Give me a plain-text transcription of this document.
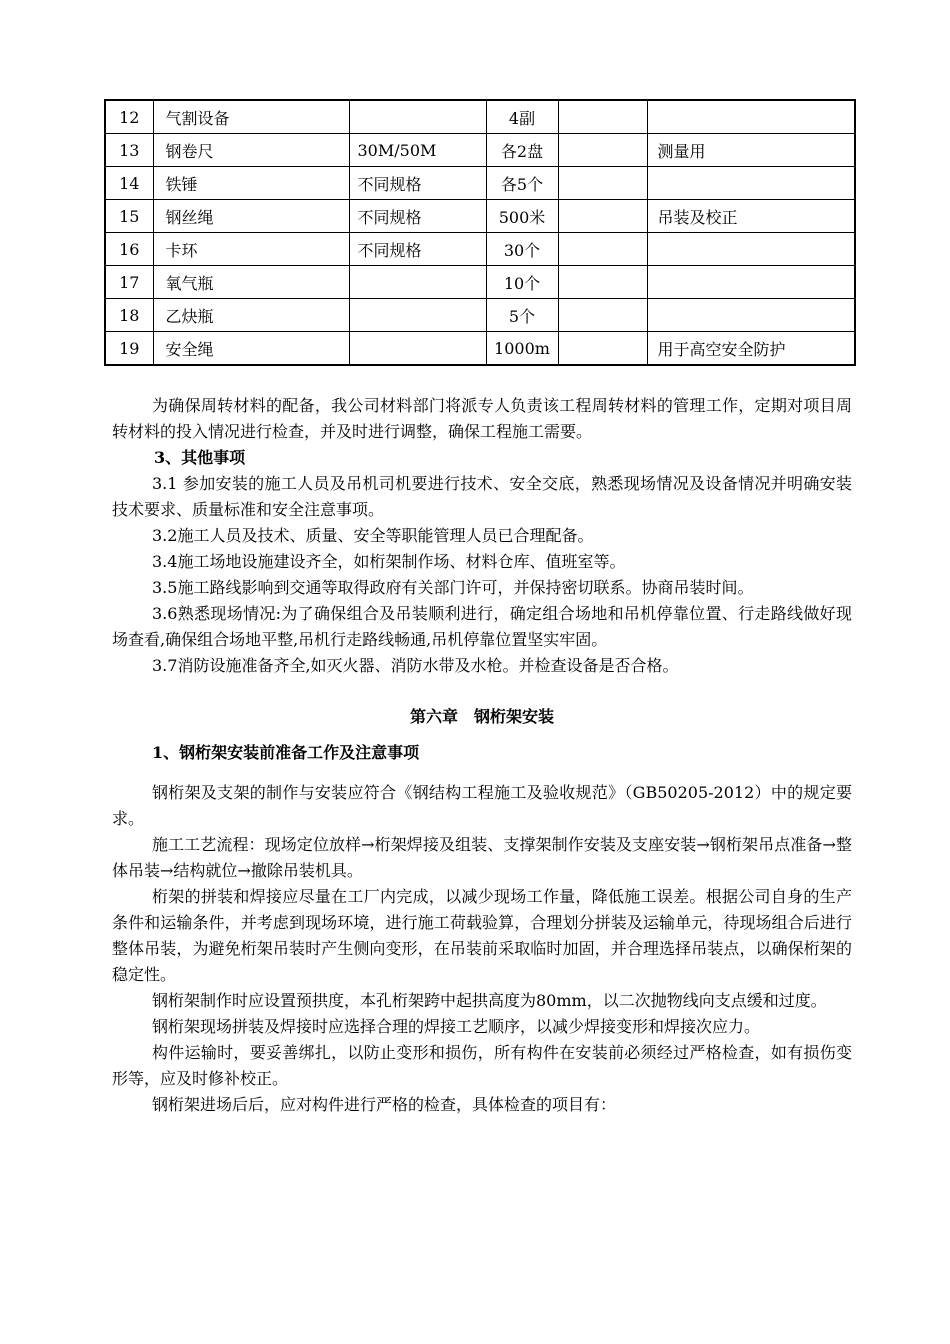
12	气割设备		4副		
13	钢卷尺	30M/50M	各2盘		测量用
14	铁锤	不同规格	各5个		
15	钢丝绳	不同规格	500米		吊装及校正
16	卡环	不同规格	30个		
17	氧气瓶		10个		
18	乙炔瓶		5个		
19	安全绳		1000m		用于高空安全防护

为确保周转材料的配备，我公司材料部门将派专人负责该工程周转材料的管理工作，定期对项目周转材料的投入情况进行检查，并及时进行调整，确保工程施工需要。

3、其他事项

3.1 参加安装的施工人员及吊机司机要进行技术、安全交底，熟悉现场情况及设备情况并明确安装技术要求、质量标准和安全注意事项。

3.2施工人员及技术、质量、安全等职能管理人员已合理配备。

3.4施工场地设施建设齐全，如桁架制作场、材料仓库、值班室等。

3.5施工路线影响到交通等取得政府有关部门许可，并保持密切联系。协商吊装时间。

3.6熟悉现场情况:为了确保组合及吊装顺利进行，确定组合场地和吊机停靠位置、行走路线做好现场查看,确保组合场地平整,吊机行走路线畅通,吊机停靠位置坚实牢固。

3.7消防设施准备齐全,如灭火器、消防水带及水枪。并检查设备是否合格。

第六章 钢桁架安装

1、钢桁架安装前准备工作及注意事项

钢桁架及支架的制作与安装应符合《钢结构工程施工及验收规范》（GB50205-2012）中的规定要求。

施工工艺流程：现场定位放样→桁架焊接及组装、支撑架制作安装及支座安装→钢桁架吊点准备→整体吊装→结构就位→撤除吊装机具。

桁架的拼装和焊接应尽量在工厂内完成，以减少现场工作量，降低施工误差。根据公司自身的生产条件和运输条件，并考虑到现场环境，进行施工荷载验算，合理划分拼装及运输单元，待现场组合后进行整体吊装，为避免桁架吊装时产生侧向变形，在吊装前采取临时加固，并合理选择吊装点，以确保桁架的稳定性。

钢桁架制作时应设置预拱度，本孔桁架跨中起拱高度为80mm，以二次抛物线向支点缓和过度。

钢桁架现场拼装及焊接时应选择合理的焊接工艺顺序，以减少焊接变形和焊接次应力。

构件运输时，要妥善绑扎，以防止变形和损伤，所有构件在安装前必须经过严格检查，如有损伤变形等，应及时修补校正。

钢桁架进场后后，应对构件进行严格的检查，具体检查的项目有：
